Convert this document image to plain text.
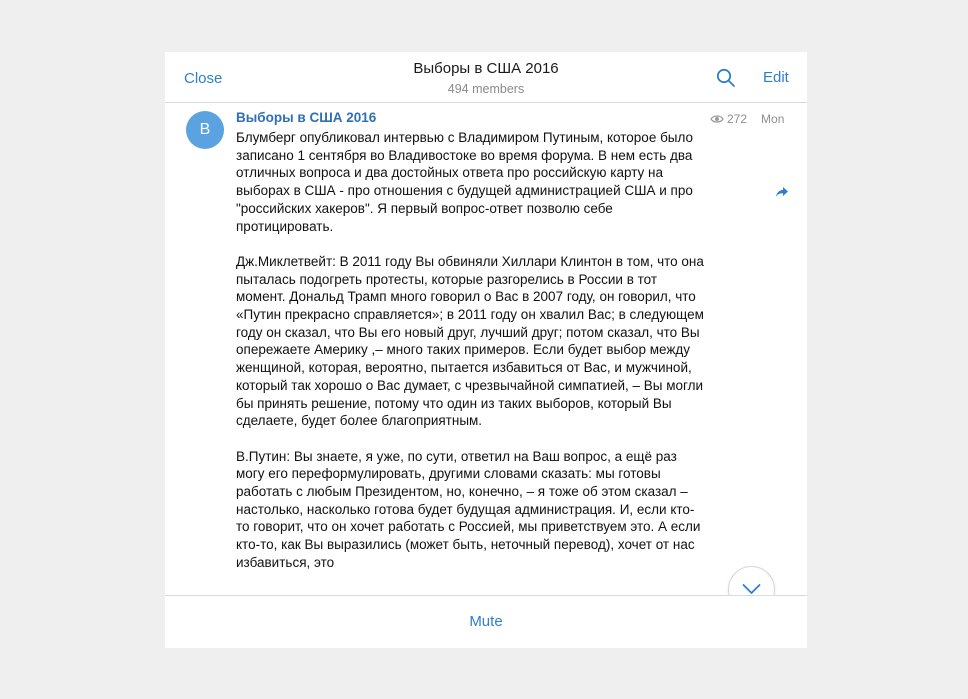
Close
Выборы в США 2016
494 members
Edit
В
Выборы в США 2016	272 Mon

Блумберг опубликовал интервью с Владимиром Путиным, которое было записано 1 сентября во Владивостоке во время форума. В нем есть два отличных вопроса и два достойных ответа про российскую карту на выборах в США - про отношения с будущей администрацией США и про "российских хакеров". Я первый вопрос-ответ позволю себе протицировать.

Дж.Миклетвейт: В 2011 году Вы обвиняли Хиллари Клинтон в том, что она пыталась подогреть протесты, которые разгорелись в России в тот момент. Дональд Трамп много говорил о Вас в 2007 году, он говорил, что «Путин прекрасно справляется»; в 2011 году он хвалил Вас; в следующем году он сказал, что Вы его новый друг, лучший друг; потом сказал, что Вы опережаете Америку ,– много таких примеров. Если будет выбор между женщиной, которая, вероятно, пытается избавиться от Вас, и мужчиной, который так хорошо о Вас думает, с чрезвычайной симпатией, – Вы могли бы принять решение, потому что один из таких выборов, который Вы сделаете, будет более благоприятным.

В.Путин: Вы знаете, я уже, по сути, ответил на Ваш вопрос, а ещё раз могу его переформулировать, другими словами сказать: мы готовы работать с любым Президентом, но, конечно, – я тоже об этом сказал – настолько, насколько готова будет будущая администрация. И, если кто-то говорит, что он хочет работать с Россией, мы приветствуем это. А если кто-то, как Вы выразились (может быть, неточный перевод), хочет от нас избавиться, это

Mute
